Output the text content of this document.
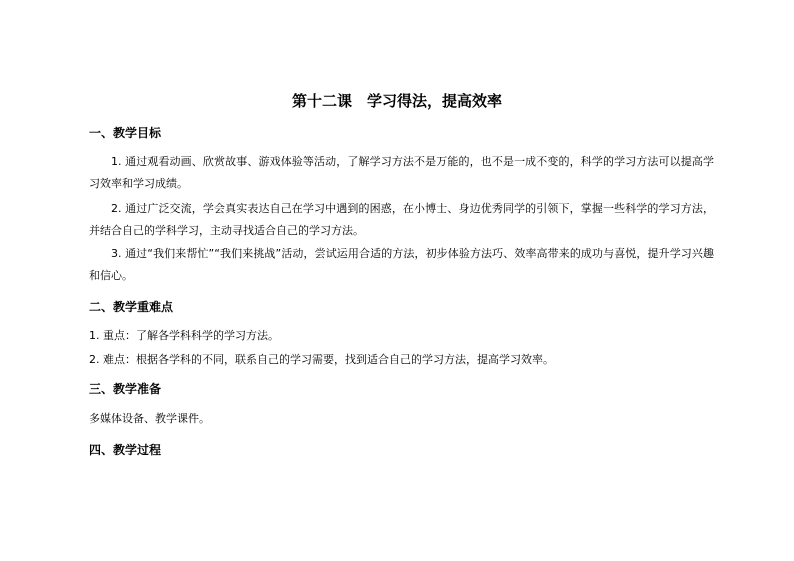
第十二课　学习得法，提高效率
一、教学目标
1. 通过观看动画、欣赏故事、游戏体验等活动，了解学习方法不是万能的，也不是一成不变的，科学的学习方法可以提高学习效率和学习成绩。
2. 通过广泛交流，学会真实表达自己在学习中遇到的困惑，在小博士、身边优秀同学的引领下，掌握一些科学的学习方法，并结合自己的学科学习，主动寻找适合自己的学习方法。
3. 通过“我们来帮忙”“我们来挑战”活动，尝试运用合适的方法，初步体验方法巧、效率高带来的成功与喜悦，提升学习兴趣和信心。
二、教学重难点
1. 重点：了解各学科科学的学习方法。
2. 难点：根据各学科的不同，联系自己的学习需要，找到适合自己的学习方法，提高学习效率。
三、教学准备
多媒体设备、教学课件。
四、教学过程
